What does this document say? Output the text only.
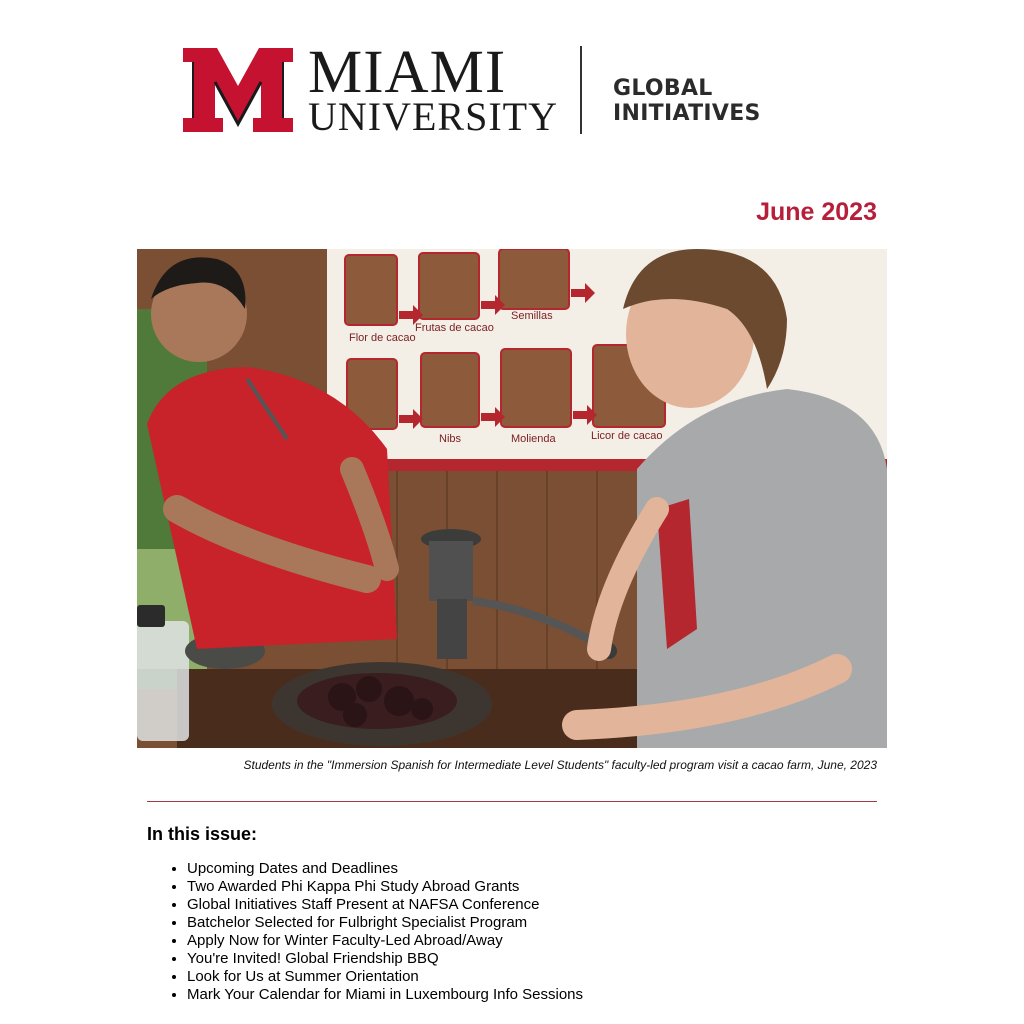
MIAMI
UNIVERSITY
GLOBAL INITIATIVES
June 2023
Flor de cacao
Frutas de cacao
Semillas
Nibs	Molienda	Licor de cacao
Students in the "Immersion Spanish for Intermediate Level Students" faculty-led program visit a cacao farm, June, 2023
In this issue:
• Upcoming Dates and Deadlines
• Two Awarded Phi Kappa Phi Study Abroad Grants
• Global Initiatives Staff Present at NAFSA Conference
• Batchelor Selected for Fulbright Specialist Program
• Apply Now for Winter Faculty-Led Abroad/Away
• You're Invited! Global Friendship BBQ
• Look for Us at Summer Orientation
• Mark Your Calendar for Miami in Luxembourg Info Sessions
